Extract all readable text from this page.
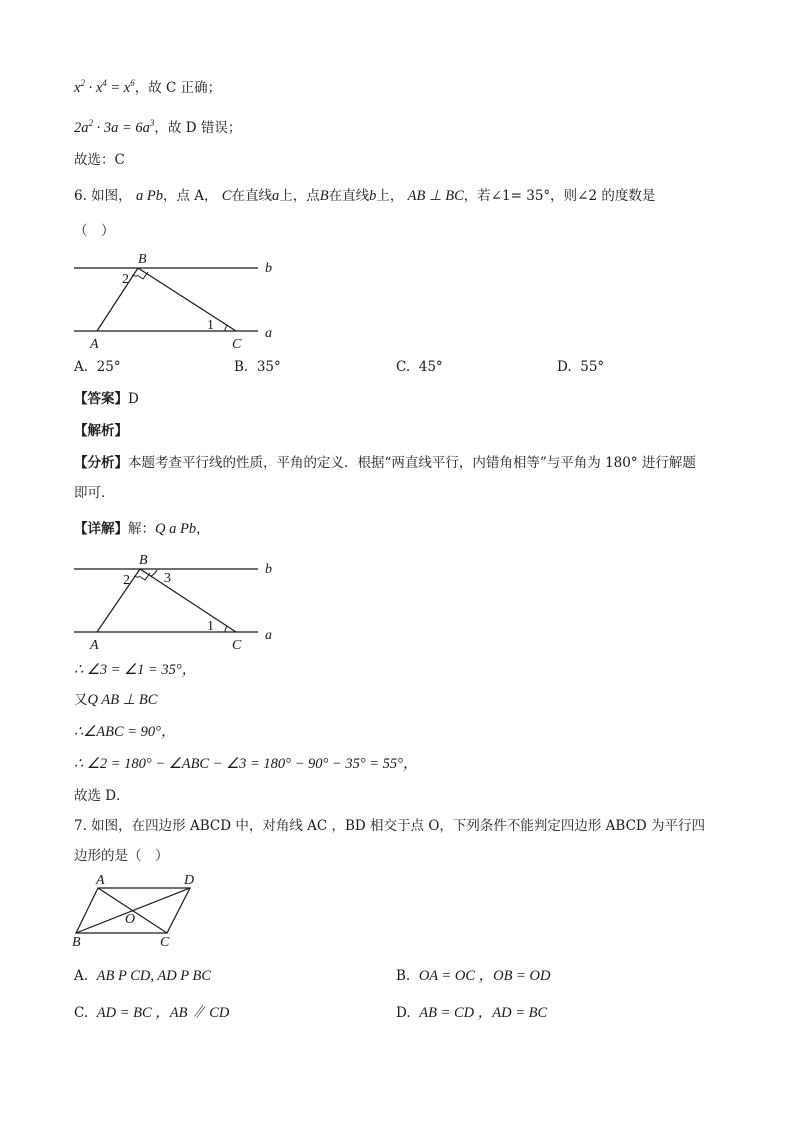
$x^2 \cdot x^4 = x^6$，故 C 正确；
$2a^2 \cdot 3a = 6a^3$，故 D 错误；
故选：C
6. 如图， a Pb，点 A， C在直线a上，点B在直线b上， AB ⊥ BC，若∠1= 35°，则∠2 的度数是
（　）
B
b
2
1
a
A	C
B
b
2 3
1
a
A	C
A	D
O
B	C
A. 25°	B. 35°	C. 45°	D. 55°
【答案】D
【解析】
【分析】本题考查平行线的性质，平角的定义．根据“两直线平行，内错角相等”与平角为 180° 进行解题
即可．
【详解】解：Q a Pb，
∴ ∠3 = ∠1 = 35°，
又Q AB ⊥ BC
∴∠ABC = 90°，
∴ ∠2 = 180° − ∠ABC − ∠3 = 180° − 90° − 35° = 55°，
故选 D．
7. 如图，在四边形 ABCD 中，对角线 AC ，BD 相交于点 O，下列条件不能判定四边形 ABCD 为平行四
边形的是（　）
A. AB P CD, AD P BC	B. OA = OC ，OB = OD
C. AD = BC ，AB ∥ CD	D. AB = CD ，AD = BC
